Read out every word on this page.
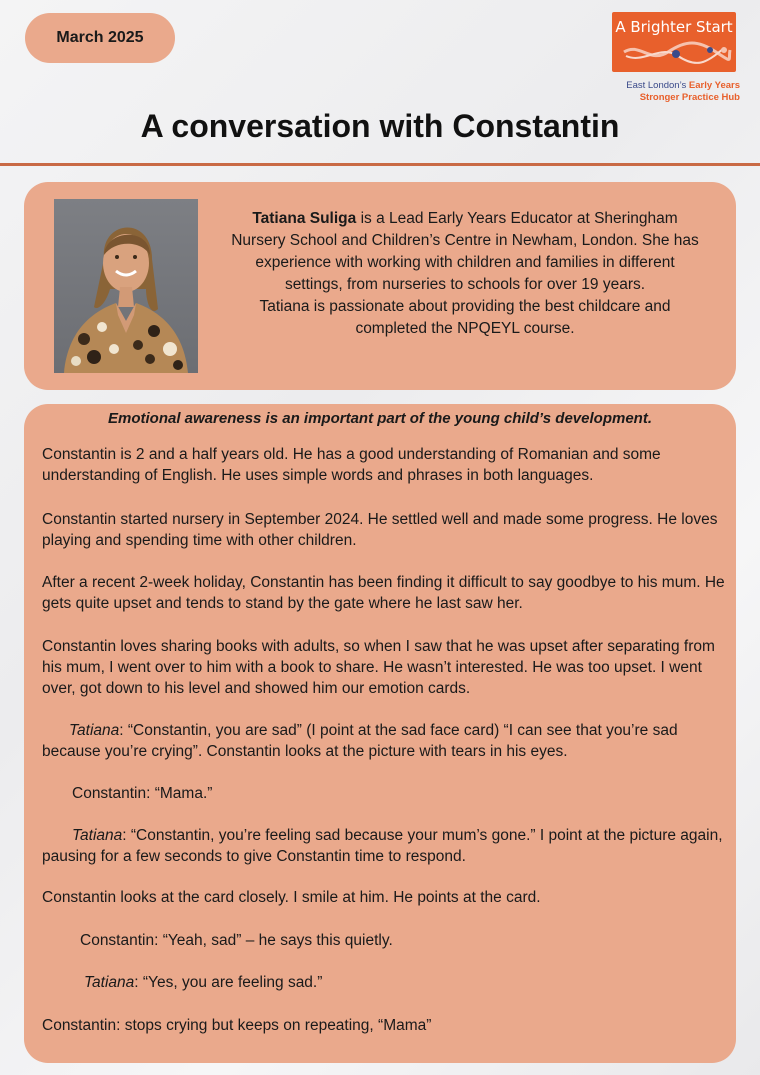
March 2025
A Brighter Start
East London’s Early Years
Stronger Practice Hub
A conversation with Constantin
Tatiana Suliga is a Lead Early Years Educator at Sheringham Nursery School and Children’s Centre in Newham, London. She has experience with working with children and families in different settings, from nurseries to schools for over 19 years.
Tatiana is passionate about providing the best childcare and completed the NPQEYL course.
Emotional awareness is an important part of the young child’s development.

Constantin is 2 and a half years old. He has a good understanding of Romanian and some understanding of English. He uses simple words and phrases in both languages.

Constantin started nursery in September 2024. He settled well and made some progress. He loves playing and spending time with other children.

After a recent 2-week holiday, Constantin has been finding it difficult to say goodbye to his mum. He gets quite upset and tends to stand by the gate where he last saw her.

Constantin loves sharing books with adults, so when I saw that he was upset after separating from his mum, I went over to him with a book to share. He wasn’t interested. He was too upset. I went over, got down to his level and showed him our emotion cards.

Tatiana: “Constantin, you are sad” (I point at the sad face card) “I can see that you’re sad because you’re crying”. Constantin looks at the picture with tears in his eyes.

Constantin: “Mama.”

Tatiana: “Constantin, you’re feeling sad because your mum’s gone.” I point at the picture again, pausing for a few seconds to give Constantin time to respond.

Constantin looks at the card closely. I smile at him. He points at the card.

Constantin: “Yeah, sad” – he says this quietly.

Tatiana: “Yes, you are feeling sad.”

Constantin: stops crying but keeps on repeating, “Mama”
